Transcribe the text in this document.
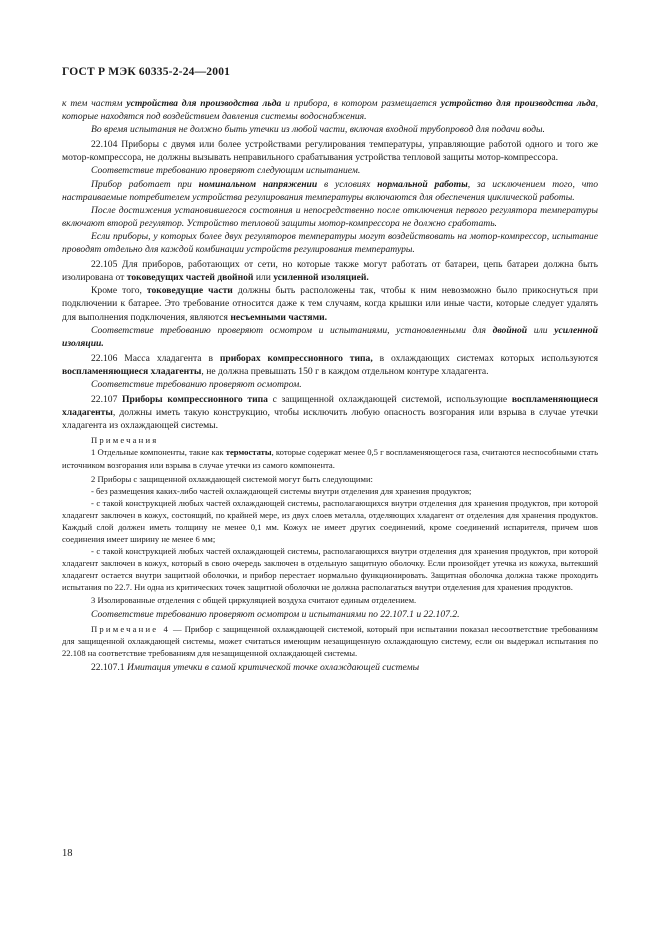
ГОСТ Р МЭК 60335-2-24—2001

к тем частям устройства для производства льда и прибора, в котором размещается устройство для производства льда, которые находятся под воздействием давления системы водоснабжения.

Во время испытания не должно быть утечки из любой части, включая входной трубопровод для подачи воды.

22.104 Приборы с двумя или более устройствами регулирования температуры, управляющие работой одного и того же мотор-компрессора, не должны вызывать неправильного срабатывания устройства тепловой защиты мотор-компрессора.

Соответствие требованию проверяют следующим испытанием.

Прибор работает при номинальном напряжении в условиях нормальной работы, за исключением того, что настраиваемые потребителем устройства регулирования температуры включаются для обеспечения циклической работы.

После достижения установившегося состояния и непосредственно после отключения первого регулятора температуры включают второй регулятор. Устройство тепловой защиты мотор-компрессора не должно сработать.

Если приборы, у которых более двух регуляторов температуры могут воздействовать на мотор-компрессор, испытание проводят отдельно для каждой комбинации устройств регулирования температуры.

22.105 Для приборов, работающих от сети, но которые также могут работать от батареи, цепь батареи должна быть изолирована от токоведущих частей двойной или усиленной изоляцией.

Кроме того, токоведущие части должны быть расположены так, чтобы к ним невозможно было прикоснуться при подключении к батарее. Это требование относится даже к тем случаям, когда крышки или иные части, которые следует удалять для выполнения подключения, являются несъемными частями.

Соответствие требованию проверяют осмотром и испытаниями, установленными для двойной или усиленной изоляции.

22.106 Масса хладагента в приборах компрессионного типа, в охлаждающих системах которых используются воспламеняющиеся хладагенты, не должна превышать 150 г в каждом отдельном контуре хладагента.

Соответствие требованию проверяют осмотром.

22.107 Приборы компрессионного типа с защищенной охлаждающей системой, использующие воспламеняющиеся хладагенты, должны иметь такую конструкцию, чтобы исключить любую опасность возгорания или взрыва в случае утечки хладагента из охлаждающей системы.

Примечания

1 Отдельные компоненты, такие как термостаты, которые содержат менее 0,5 г воспламеняющегося газа, считаются неспособными стать источником возгорания или взрыва в случае утечки из самого компонента.

2 Приборы с защищенной охлаждающей системой могут быть следующими:

- без размещения каких-либо частей охлаждающей системы внутри отделения для хранения продуктов;

- с такой конструкцией любых частей охлаждающей системы, располагающихся внутри отделения для хранения продуктов, при которой хладагент заключен в кожух, состоящий, по крайней мере, из двух слоев металла, отделяющих хладагент от отделения для хранения продуктов. Каждый слой должен иметь толщину не менее 0,1 мм. Кожух не имеет других соединений, кроме соединений испарителя, причем шов соединения имеет ширину не менее 6 мм;

- с такой конструкцией любых частей охлаждающей системы, располагающихся внутри отделения для хранения продуктов, при которой хладагент заключен в кожух, который в свою очередь заключен в отдельную защитную оболочку. Если произойдет утечка из кожуха, вытекший хладагент остается внутри защитной оболочки, и прибор перестает нормально функционировать. Защитная оболочка должна также проходить испытания по 22.7. Ни одна из критических точек защитной оболочки не должна располагаться внутри отделения для хранения продуктов.

3 Изолированные отделения с общей циркуляцией воздуха считают единым отделением.

Соответствие требованию проверяют осмотром и испытаниями по 22.107.1 и 22.107.2.

Примечание 4 — Прибор с защищенной охлаждающей системой, который при испытании показал несоответствие требованиям для защищенной охлаждающей системы, может считаться имеющим незащищенную охлаждающую систему, если он выдержал испытания по 22.108 на соответствие требованиям для незащищенной охлаждающей системы.

22.107.1 Имитация утечки в самой критической точке охлаждающей системы

18
